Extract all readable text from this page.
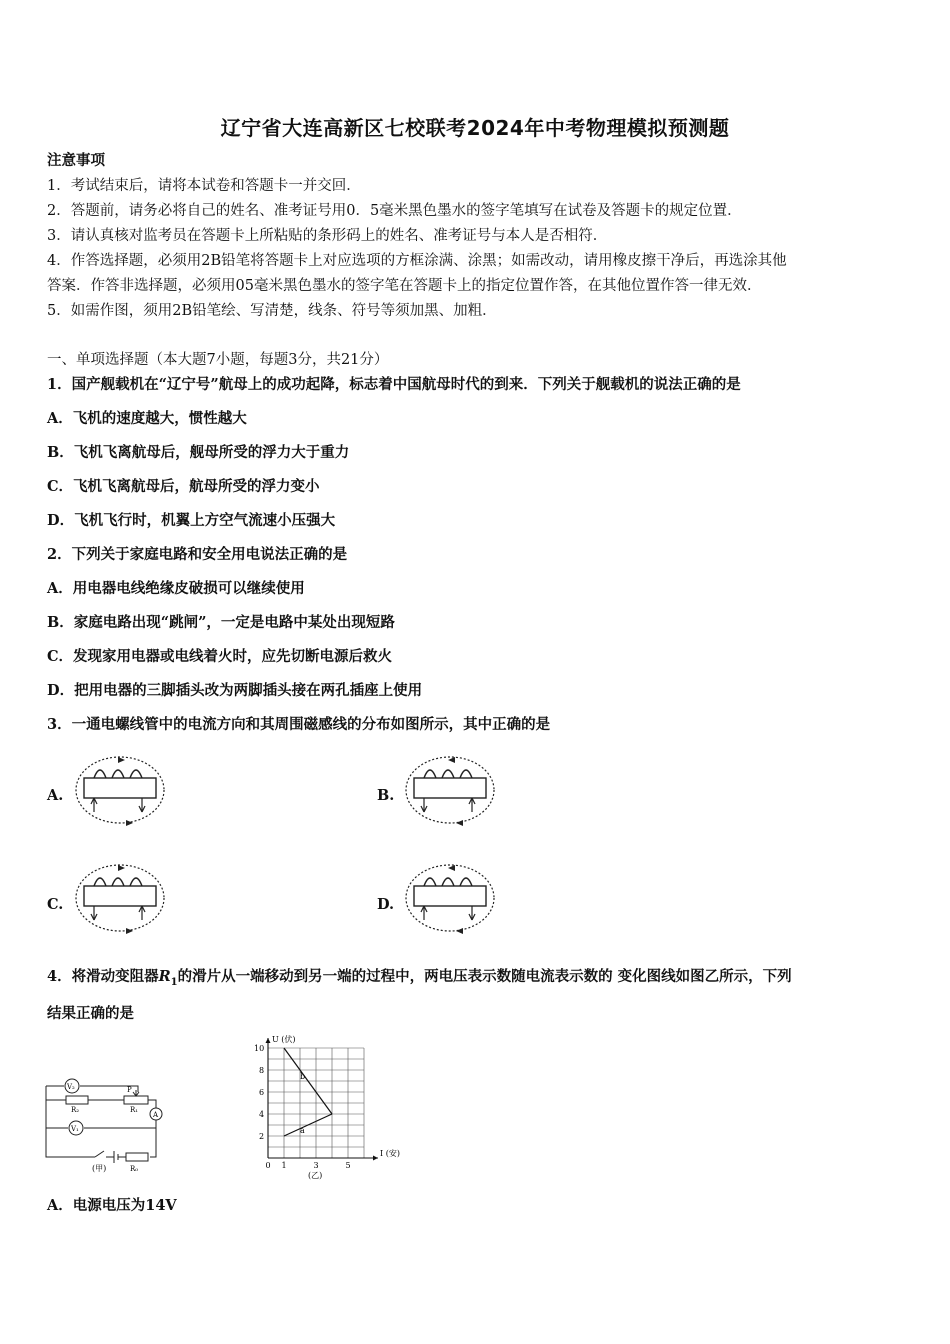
辽宁省大连高新区七校联考2024年中考物理模拟预测题
注意事项
1．考试结束后，请将本试卷和答题卡一并交回．
2．答题前，请务必将自己的姓名、准考证号用0．5毫米黑色墨水的签字笔填写在试卷及答题卡的规定位置．
3．请认真核对监考员在答题卡上所粘贴的条形码上的姓名、准考证号与本人是否相符．
4．作答选择题，必须用2B铅笔将答题卡上对应选项的方框涂满、涂黑；如需改动，请用橡皮擦干净后，再选涂其他
答案．作答非选择题，必须用05毫米黑色墨水的签字笔在答题卡上的指定位置作答，在其他位置作答一律无效．
5．如需作图，须用2B铅笔绘、写清楚，线条、符号等须加黑、加粗．
一、单项选择题（本大题7小题，每题3分，共21分）
1．国产舰载机在“辽宁号”航母上的成功起降，标志着中国航母时代的到来．下列关于舰载机的说法正确的是
A．飞机的速度越大，惯性越大
B．飞机飞离航母后，舰母所受的浮力大于重力
C．飞机飞离航母后，航母所受的浮力变小
D．飞机飞行时，机翼上方空气流速小压强大
2．下列关于家庭电路和安全用电说法正确的是
A．用电器电线绝缘皮破损可以继续使用
B．家庭电路出现“跳闸”，一定是电路中某处出现短路
C．发现家用电器或电线着火时，应先切断电源后救火
D．把用电器的三脚插头改为两脚插头接在两孔插座上使用
3．一通电螺线管中的电流方向和其周围磁感线的分布如图所示，其中正确的是
A.	B.
C.	D.
4．将滑动变阻器$R_1$的滑片从一端移动到另一端的过程中，两电压表示数随电流表示数的 变化图线如图乙所示，下列
结果正确的是
V₂
R₂
P
R₁
A
V₁
R₀
(甲)	0 1	3	5
2
4
6
8
10
b
a
U (伏)
I (安)
(乙)
A．电源电压为14V
